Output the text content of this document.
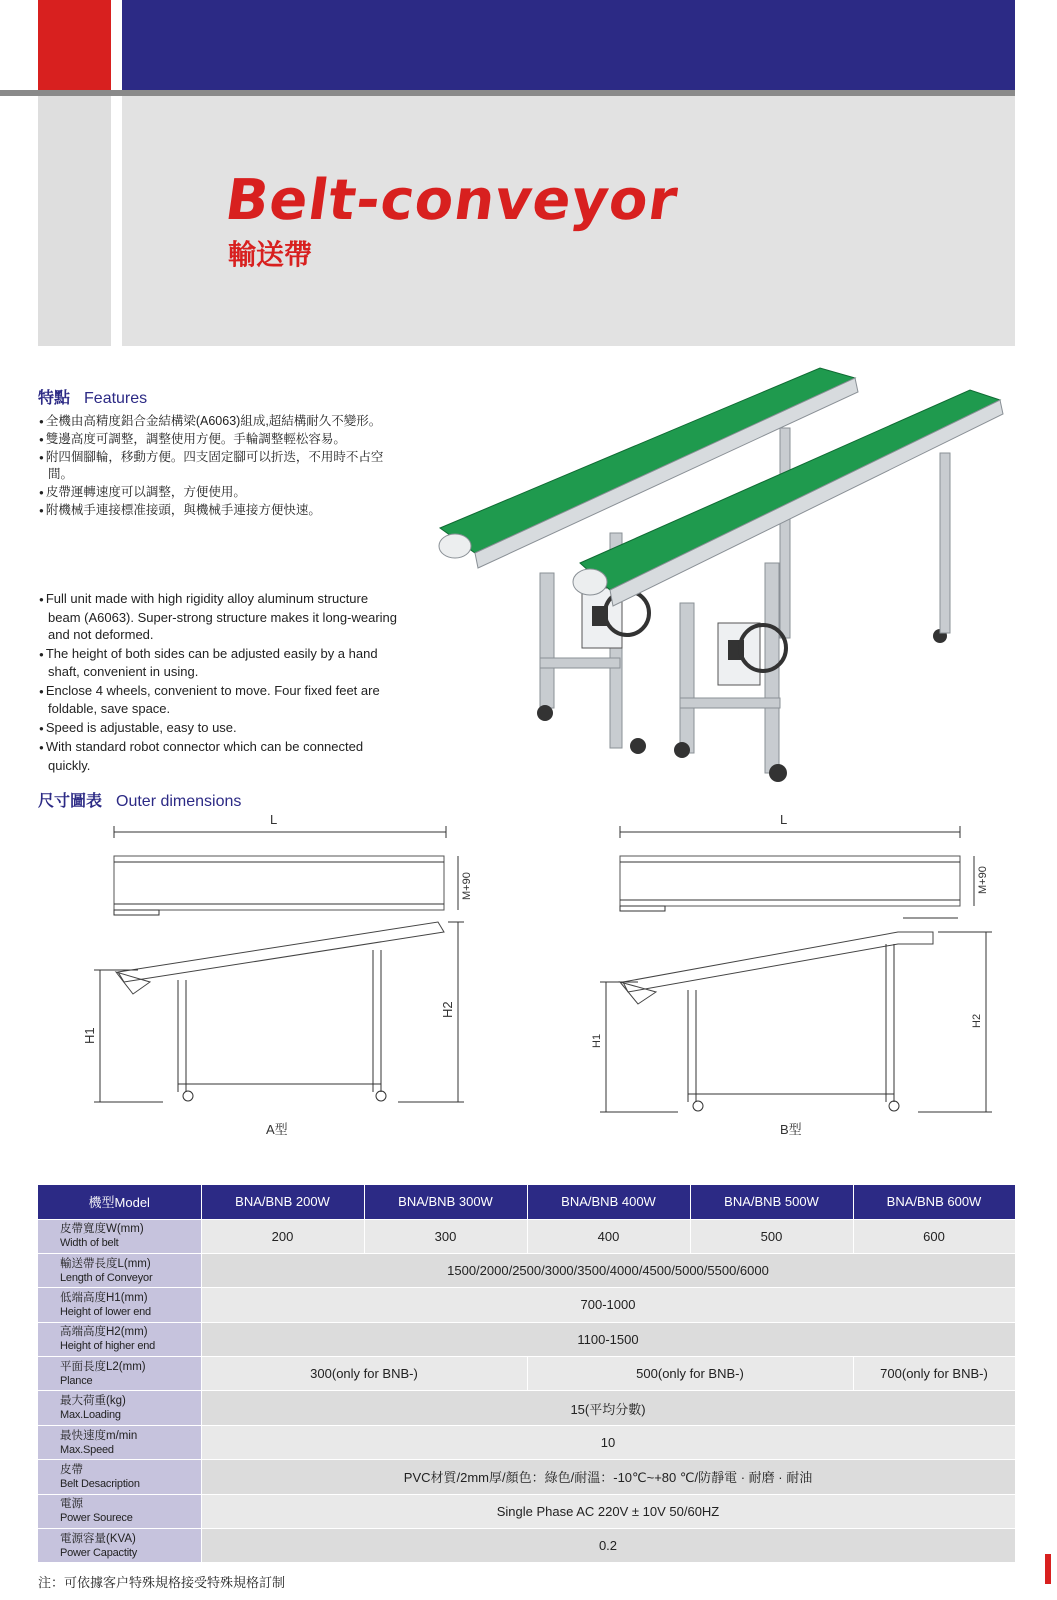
Belt-conveyor
輸送帶
特點 Features
● 全機由高精度鋁合金結構梁(A6063)組成,超結構耐久不變形。
● 雙邊高度可調整，調整使用方便。手輪調整輕松容易。
● 附四個腳輪，移動方便。四支固定腳可以折迭，不用時不占空間。
● 皮帶運轉速度可以調整，方便使用。
● 附機械手連接標准接頭，與機械手連接方便快速。
● Full unit made with high rigidity alloy aluminum structure beam (A6063). Super-strong structure makes it long-wearing and not deformed.
● The height of both sides can be adjusted easily by a hand shaft, convenient in using.
● Enclose 4 wheels, convenient to move. Four fixed feet are foldable, save space.
● Speed is adjustable, easy to use.
● With standard robot connector which can be connected quickly.
尺寸圖表 Outer dimensions
L
M+90
H1
H2
A型
L
M+90
H1
H2
B型
機型Model	BNA/BNB 200W	BNA/BNB 300W	BNA/BNB 400W	BNA/BNB 500W	BNA/BNB 600W

皮帶寬度W(mm)
Width of belt	200	300	400	500	600

輸送帶長度L(mm)
Length of Conveyor	1500/2000/2500/3000/3500/4000/4500/5000/5500/6000				

低端高度H1(mm)
Height of lower end	700-1000				

高端高度H2(mm)
Height of higher end	1100-1500				

平面長度L2(mm)
Plance	300(only for BNB-)		500(only for BNB-)		700(only for BNB-)

最大荷重(kg)
Max.Loading	15(平均分數)				

最快速度m/min
Max.Speed	10				

皮帶
Belt Desacription	PVC材質/2mm厚/顏色：綠色/耐溫：-10℃~+80 ℃/防靜電 · 耐磨 · 耐油				

電源
Power Sourece	Single Phase AC 220V ± 10V 50/60HZ				

電源容量(KVA)
Power Capactity	0.2				
注：可依據客户特殊規格接受特殊規格訂制
